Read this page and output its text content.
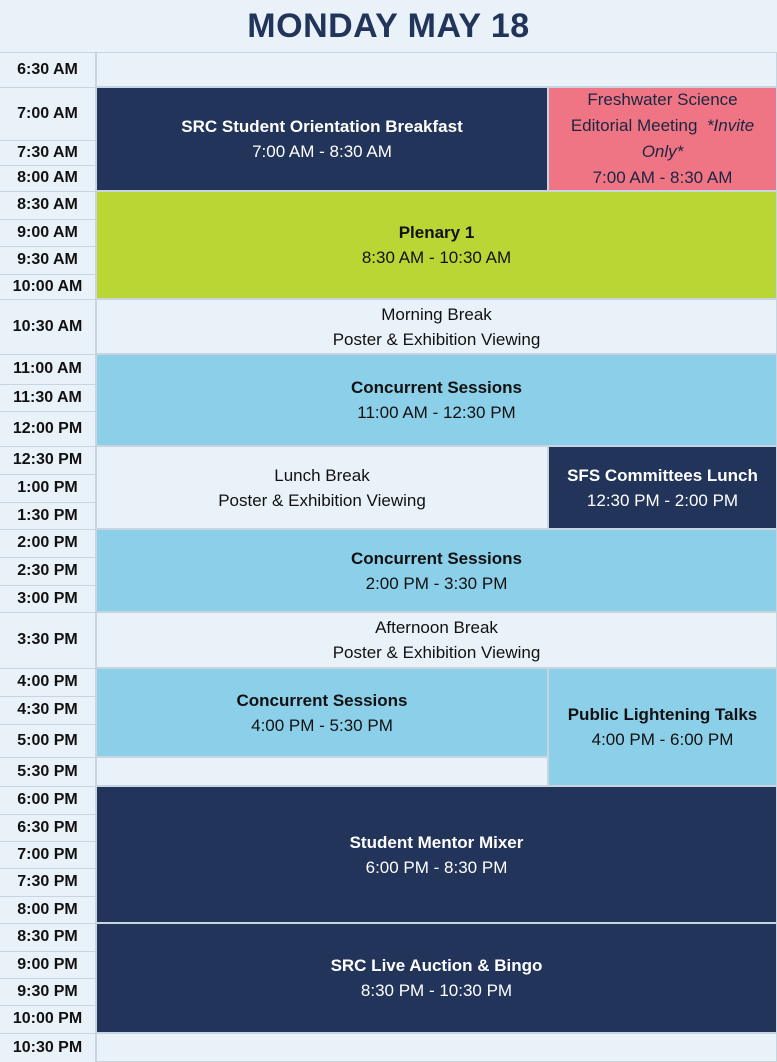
MONDAY MAY 18
6:30 AM
7:00 AM
7:30 AM
8:00 AM
8:30 AM
9:00 AM
9:30 AM
10:00 AM
10:30 AM
11:00 AM
11:30 AM
12:00 PM
12:30 PM
1:00 PM
1:30 PM
2:00 PM
2:30 PM
3:00 PM
3:30 PM
4:00 PM
4:30 PM
5:00 PM
5:30 PM
6:00 PM
6:30 PM
7:00 PM
7:30 PM
8:00 PM
8:30 PM
9:00 PM
9:30 PM
10:00 PM
10:30 PM
SRC Student Orientation Breakfast
7:00 AM - 8:30 AM
Freshwater Science
Editorial Meeting *Invite
Only*
7:00 AM - 8:30 AM
Plenary 1
8:30 AM - 10:30 AM
Morning Break
Poster & Exhibition Viewing
Concurrent Sessions
11:00 AM - 12:30 PM
Lunch Break
Poster & Exhibition Viewing
SFS Committees Lunch
12:30 PM - 2:00 PM
Concurrent Sessions
2:00 PM - 3:30 PM
Afternoon Break
Poster & Exhibition Viewing
Concurrent Sessions
4:00 PM - 5:30 PM
Public Lightening Talks
4:00 PM - 6:00 PM
Student Mentor Mixer
6:00 PM - 8:30 PM
SRC Live Auction & Bingo
8:30 PM - 10:30 PM
